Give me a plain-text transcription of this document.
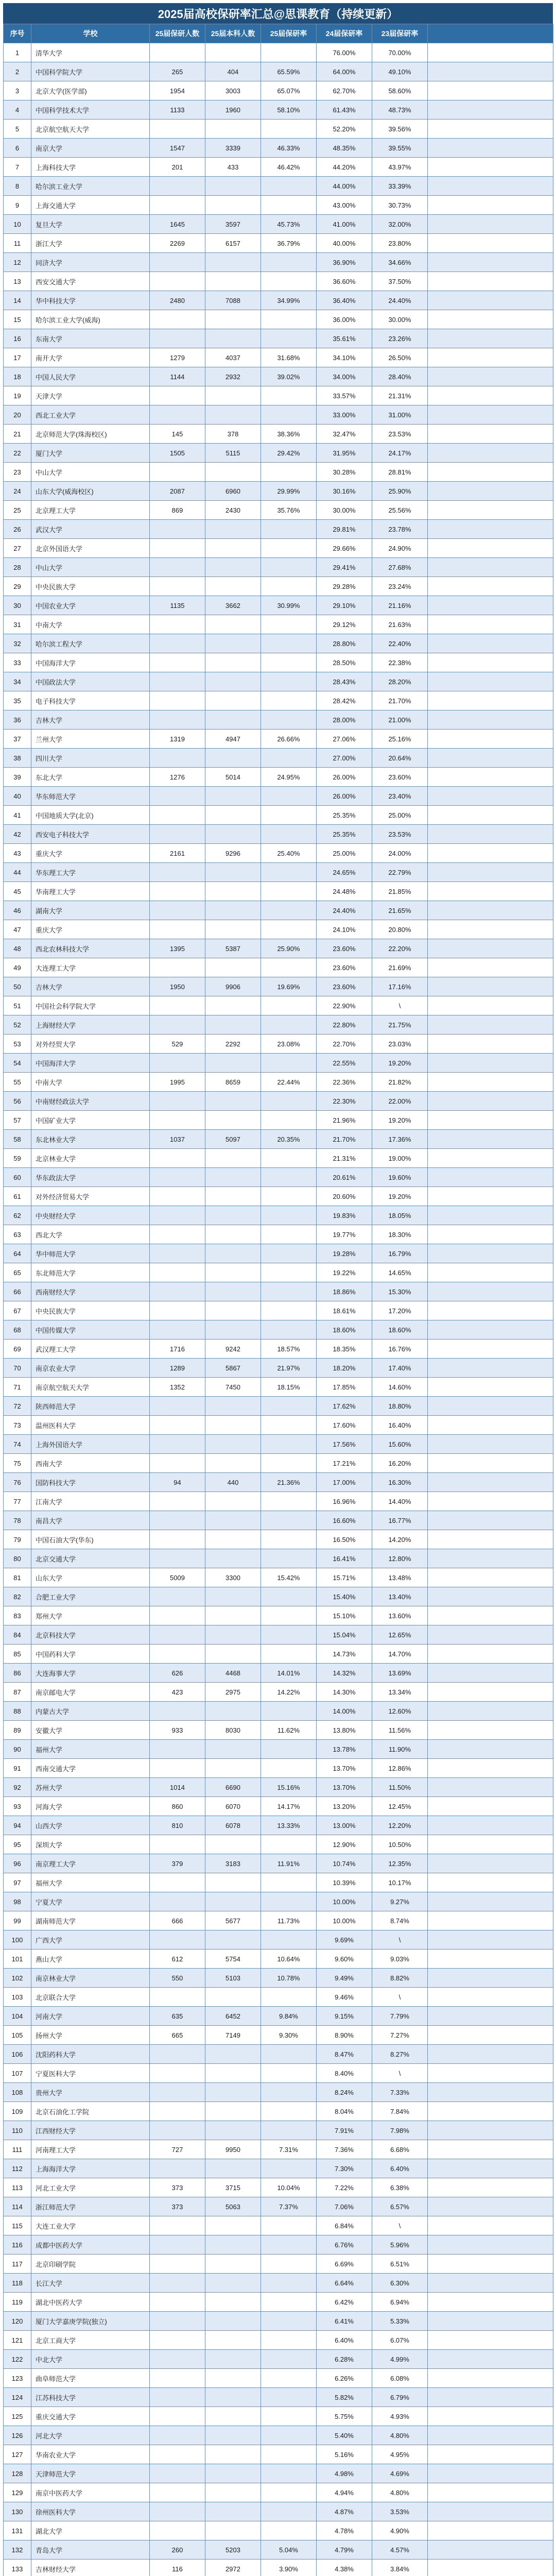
2025届高校保研率汇总@思课教育（持续更新）
序号	学校	25届保研人数	25届本科人数	25届保研率	24届保研率	23届保研率	
1	清华大学				76.00%	70.00%	
2	中国科学院大学	265	404	65.59%	64.00%	49.10%	
3	北京大学(医学部)	1954	3003	65.07%	62.70%	58.60%	
4	中国科学技术大学	1133	1960	58.10%	61.43%	48.73%	
5	北京航空航天大学				52.20%	39.56%	
6	南京大学	1547	3339	46.33%	48.35%	39.55%	
7	上海科技大学	201	433	46.42%	44.20%	43.97%	
8	哈尔滨工业大学				44.00%	33.39%	
9	上海交通大学				43.00%	30.73%	
10	复旦大学	1645	3597	45.73%	41.00%	32.00%	
11	浙江大学	2269	6157	36.79%	40.00%	23.80%	
12	同济大学				36.90%	34.66%	
13	西安交通大学				36.60%	37.50%	
14	华中科技大学	2480	7088	34.99%	36.40%	24.40%	
15	哈尔滨工业大学(威海)				36.00%	30.00%	
16	东南大学				35.61%	23.26%	
17	南开大学	1279	4037	31.68%	34.10%	26.50%	
18	中国人民大学	1144	2932	39.02%	34.00%	28.40%	
19	天津大学				33.57%	21.31%	
20	西北工业大学				33.00%	31.00%	
21	北京师范大学(珠海校区)	145	378	38.36%	32.47%	23.53%	
22	厦门大学	1505	5115	29.42%	31.95%	24.17%	
23	中山大学				30.28%	28.81%	
24	山东大学(威海校区)	2087	6960	29.99%	30.16%	25.90%	
25	北京理工大学	869	2430	35.76%	30.00%	25.56%	
26	武汉大学				29.81%	23.78%	
27	北京外国语大学				29.66%	24.90%	
28	中山大学				29.41%	27.68%	
29	中央民族大学				29.28%	23.24%	
30	中国农业大学	1135	3662	30.99%	29.10%	21.16%	
31	中南大学				29.12%	21.63%	
32	哈尔滨工程大学				28.80%	22.40%	
33	中国海洋大学				28.50%	22.38%	
34	中国政法大学				28.43%	28.20%	
35	电子科技大学				28.42%	21.70%	
36	吉林大学				28.00%	21.00%	
37	兰州大学	1319	4947	26.66%	27.06%	25.16%	
38	四川大学				27.00%	20.64%	
39	东北大学	1276	5014	24.95%	26.00%	23.60%	
40	华东师范大学				26.00%	23.40%	
41	中国地质大学(北京)				25.35%	25.00%	
42	西安电子科技大学				25.35%	23.53%	
43	重庆大学	2161	9296	25.40%	25.00%	24.00%	
44	华东理工大学				24.65%	22.79%	
45	华南理工大学				24.48%	21.85%	
46	湖南大学				24.40%	21.65%	
47	重庆大学				24.10%	20.80%	
48	西北农林科技大学	1395	5387	25.90%	23.60%	22.20%	
49	大连理工大学				23.60%	21.69%	
50	吉林大学	1950	9906	19.69%	23.60%	17.16%	
51	中国社会科学院大学				22.90%	\	
52	上海财经大学				22.80%	21.75%	
53	对外经贸大学	529	2292	23.08%	22.70%	23.03%	
54	中国海洋大学				22.55%	19.20%	
55	中南大学	1995	8659	22.44%	22.36%	21.82%	
56	中南财经政法大学				22.30%	22.00%	
57	中国矿业大学				21.96%	19.20%	
58	东北林业大学	1037	5097	20.35%	21.70%	17.36%	
59	北京林业大学				21.31%	19.00%	
60	华东政法大学				20.61%	19.60%	
61	对外经济贸易大学				20.60%	19.20%	
62	中央财经大学				19.83%	18.05%	
63	西北大学				19.77%	18.30%	
64	华中师范大学				19.28%	16.79%	
65	东北师范大学				19.22%	14.65%	
66	西南财经大学				18.86%	15.30%	
67	中央民族大学				18.61%	17.20%	
68	中国传媒大学				18.60%	18.60%	
69	武汉理工大学	1716	9242	18.57%	18.35%	16.76%	
70	南京农业大学	1289	5867	21.97%	18.20%	17.40%	
71	南京航空航天大学	1352	7450	18.15%	17.85%	14.60%	
72	陕西师范大学				17.62%	18.80%	
73	温州医科大学				17.60%	16.40%	
74	上海外国语大学				17.56%	15.60%	
75	西南大学				17.21%	16.20%	
76	国防科技大学	94	440	21.36%	17.00%	16.30%	
77	江南大学				16.96%	14.40%	
78	南昌大学				16.60%	16.77%	
79	中国石油大学(华东)				16.50%	14.20%	
80	北京交通大学				16.41%	12.80%	
81	山东大学	5009	3300	15.42%	15.71%	13.48%	
82	合肥工业大学				15.40%	13.40%	
83	郑州大学				15.10%	13.60%	
84	北京科技大学				15.04%	12.65%	
85	中国药科大学				14.73%	14.70%	
86	大连海事大学	626	4468	14.01%	14.32%	13.69%	
87	南京邮电大学	423	2975	14.22%	14.30%	13.34%	
88	内蒙古大学				14.00%	12.60%	
89	安徽大学	933	8030	11.62%	13.80%	11.56%	
90	福州大学				13.78%	11.90%	
91	西南交通大学				13.70%	12.86%	
92	苏州大学	1014	6690	15.16%	13.70%	11.50%	
93	河海大学	860	6070	14.17%	13.20%	12.45%	
94	山西大学	810	6078	13.33%	13.00%	12.20%	
95	深圳大学				12.90%	10.50%	
96	南京理工大学	379	3183	11.91%	10.74%	12.35%	
97	福州大学				10.39%	10.17%	
98	宁夏大学				10.00%	9.27%	
99	湖南师范大学	666	5677	11.73%	10.00%	8.74%	
100	广西大学				9.69%	\	
101	燕山大学	612	5754	10.64%	9.60%	9.03%	
102	南京林业大学	550	5103	10.78%	9.49%	8.82%	
103	北京联合大学				9.46%	\	
104	河南大学	635	6452	9.84%	9.15%	7.79%	
105	扬州大学	665	7149	9.30%	8.90%	7.27%	
106	沈阳药科大学				8.47%	8.27%	
107	宁夏医科大学				8.40%	\	
108	贵州大学				8.24%	7.33%	
109	北京石油化工学院				8.04%	7.84%	
110	江西财经大学				7.91%	7.98%	
111	河南理工大学	727	9950	7.31%	7.36%	6.68%	
112	上海海洋大学				7.30%	6.40%	
113	河北工业大学	373	3715	10.04%	7.22%	6.38%	
114	浙江师范大学	373	5063	7.37%	7.06%	6.57%	
115	大连工业大学				6.84%	\	
116	成都中医药大学				6.76%	5.96%	
117	北京印刷学院				6.69%	6.51%	
118	长江大学				6.64%	6.30%	
119	湖北中医药大学				6.42%	6.94%	
120	厦门大学嘉庚学院(独立)				6.41%	5.33%	
121	北京工商大学				6.40%	6.07%	
122	中北大学				6.28%	4.99%	
123	曲阜师范大学				6.26%	6.08%	
124	江苏科技大学				5.82%	6.79%	
125	重庆交通大学				5.75%	4.93%	
126	河北大学				5.40%	4.80%	
127	华南农业大学				5.16%	4.95%	
128	天津师范大学				4.98%	4.69%	
129	南京中医药大学				4.94%	4.80%	
130	徐州医科大学				4.87%	3.53%	
131	湖北大学				4.78%	4.90%	
132	青岛大学	260	5203	5.04%	4.79%	4.57%	
133	吉林财经大学	116	2972	3.90%	4.38%	3.84%	
